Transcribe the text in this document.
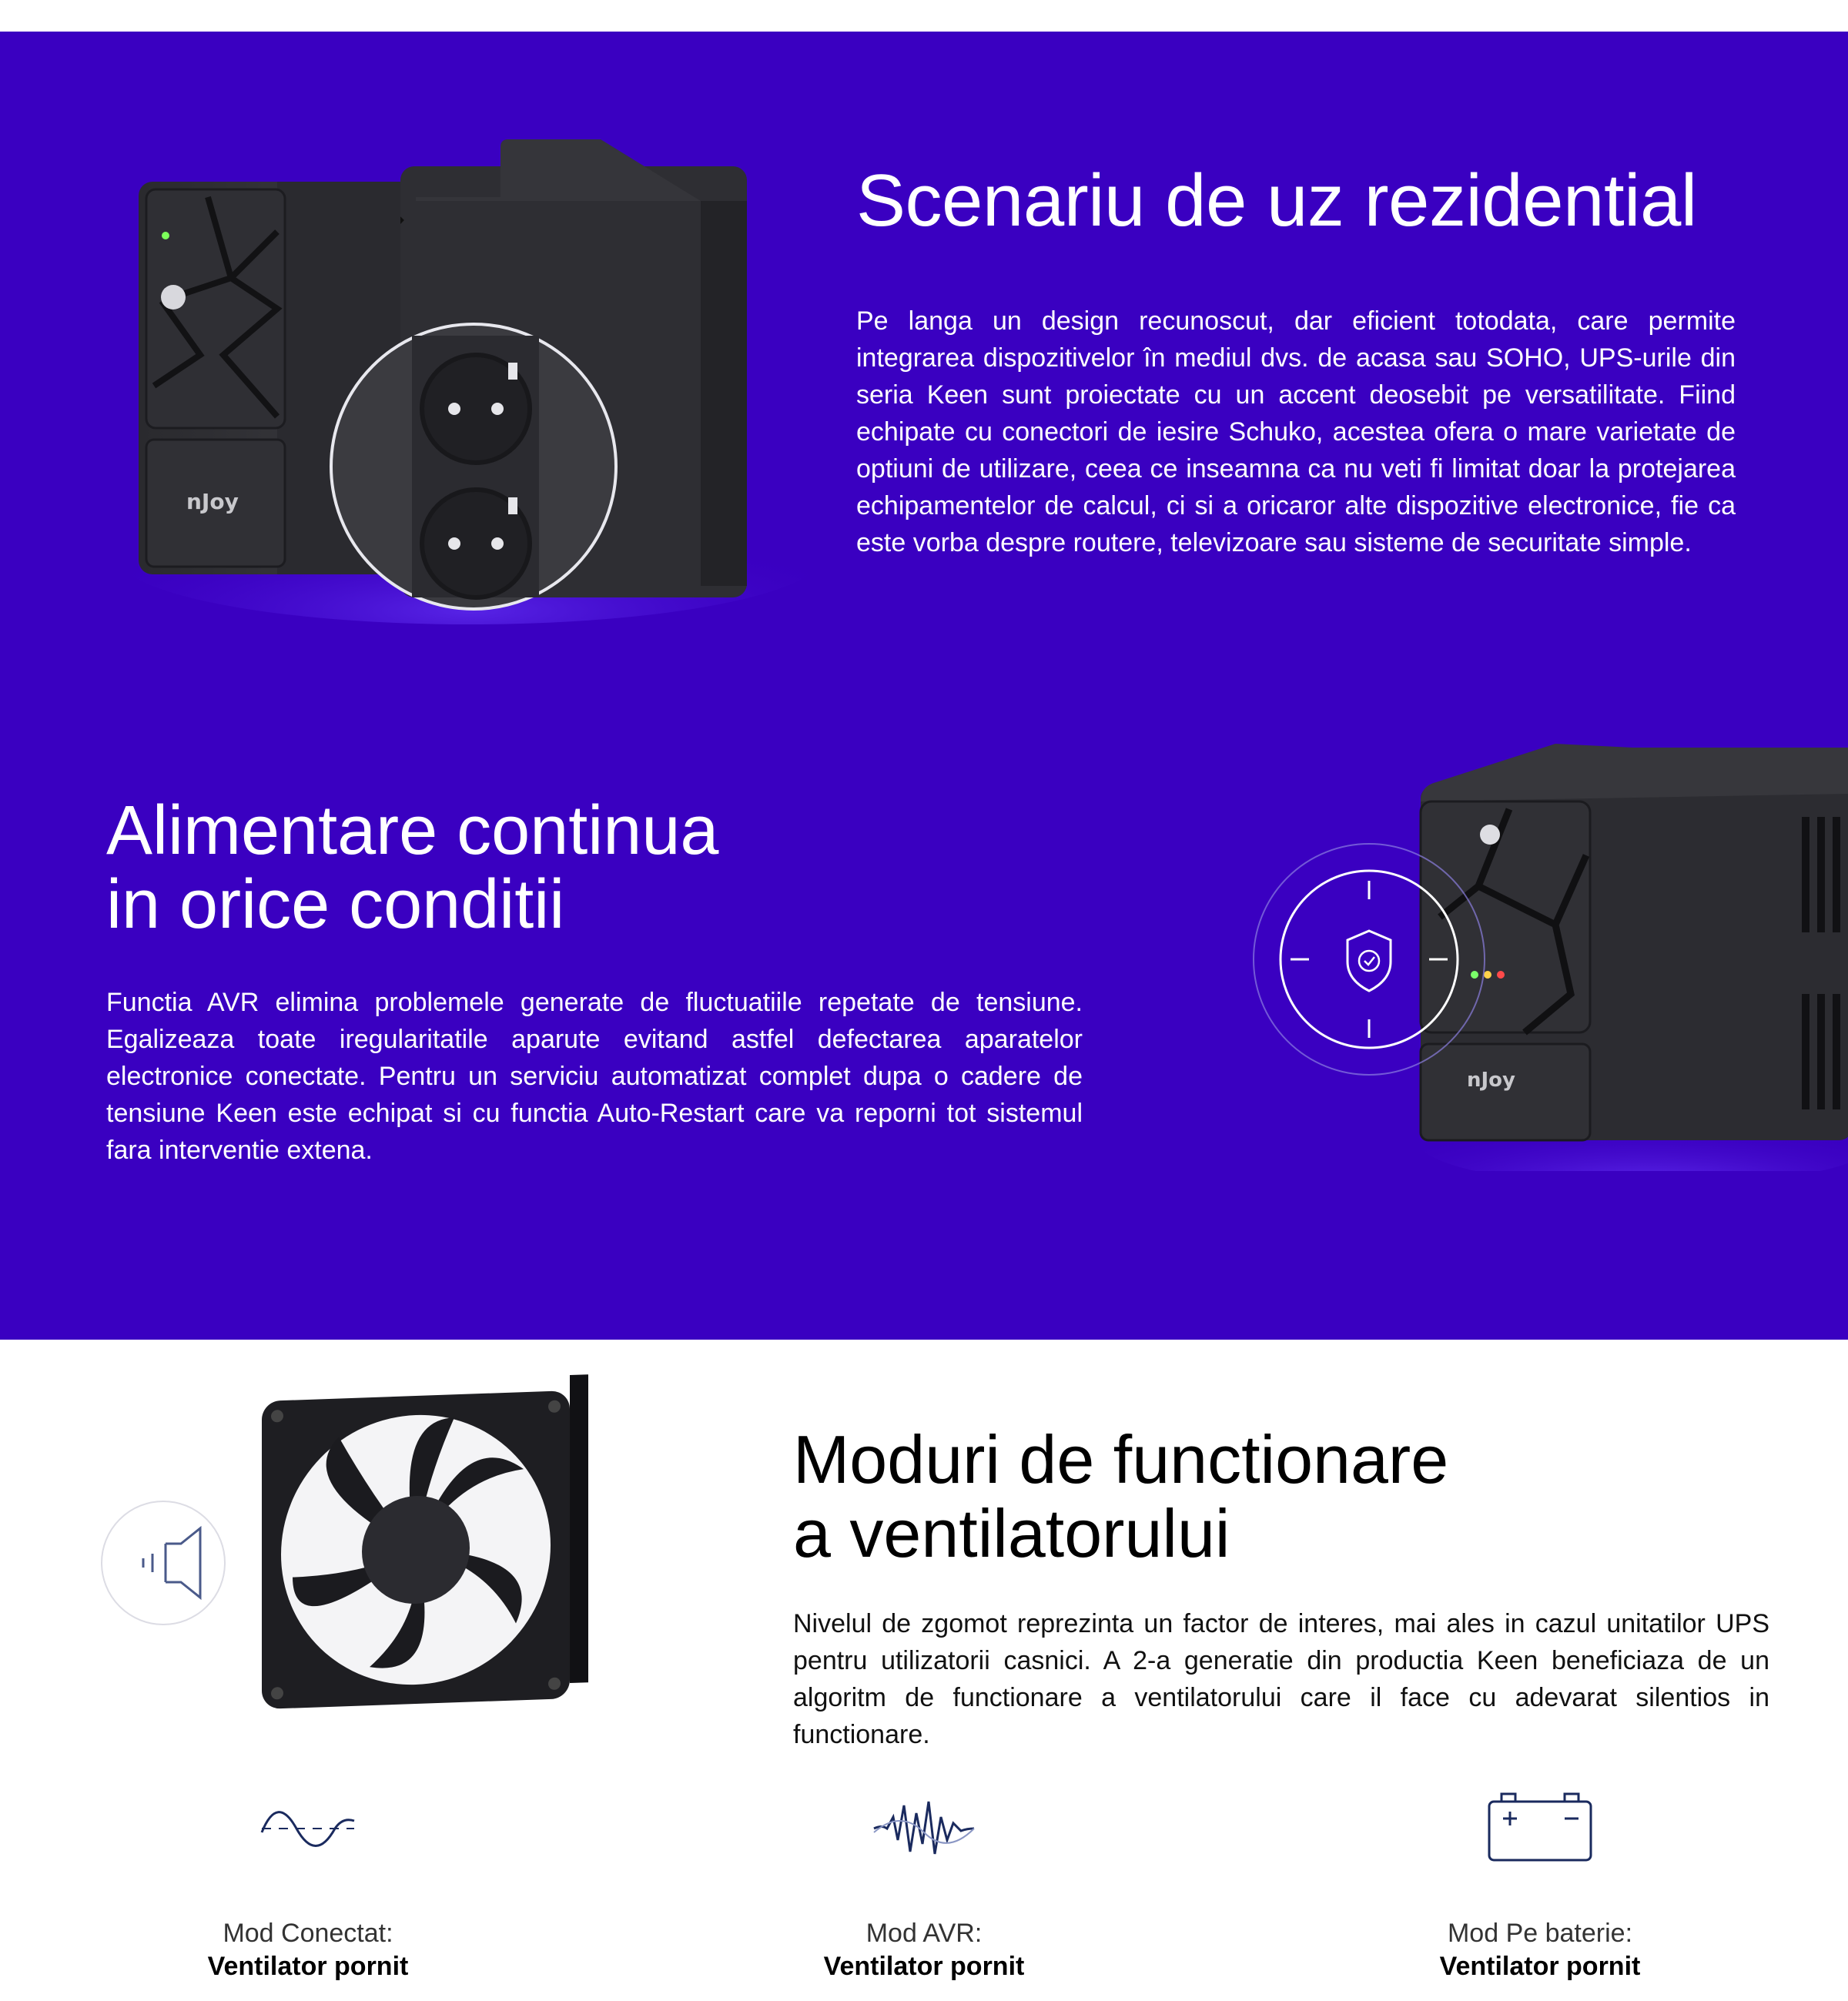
nJoy
Scenariu de uz rezidential

Pe langa un design recunoscut, dar eficient totodata, care permite integrarea dispozitivelor în mediul dvs. de acasa sau SOHO, UPS-urile din seria Keen sunt proiectate cu un accent deosebit pe versatilitate. Fiind echipate cu conectori de iesire Schuko, acestea ofera o mare varietate de optiuni de utilizare, ceea ce inseamna ca nu veti fi limitat doar la protejarea echipamentelor de calcul, ci si a oricaror alte dispozitive electronice, fie ca este vorba despre routere, televizoare sau sisteme de securitate simple.

Alimentare continua
in orice conditii

Functia AVR elimina problemele generate de fluctuatiile repetate de tensiune. Egalizeaza toate iregularitatile aparute evitand astfel defectarea aparatelor electronice conectate. Pentru un serviciu automatizat complet dupa o cadere de tensiune Keen este echipat si cu functia Auto-Restart care va reporni tot sistemul fara interventie extena.

nJoy
Moduri de functionare
a ventilatorului

Nivelul de zgomot reprezinta un factor de interes, mai ales in cazul unitatilor UPS pentru utilizatorii casnici. A 2-a generatie din productia Keen beneficiaza de un algoritm de functionare a ventilatorului care il face cu adevarat silentios in functionare.

Mod Conectat:
Ventilator pornit
Mod AVR:
Ventilator pornit
Mod Pe baterie:
Ventilator pornit
